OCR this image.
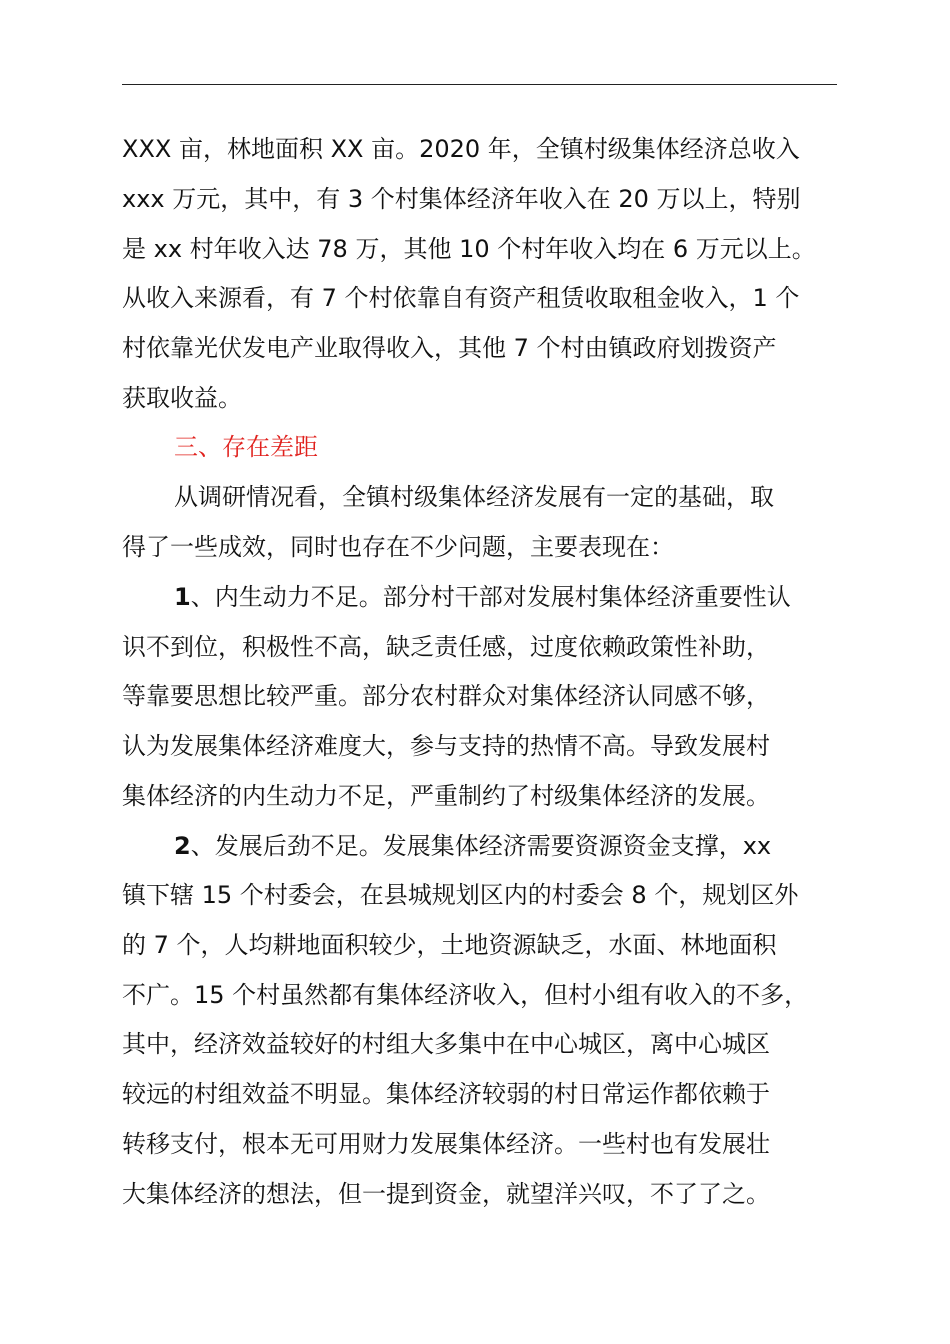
XXX 亩，林地面积 XX 亩。2020 年，全镇村级集体经济总收入
xxx 万元，其中，有 3 个村集体经济年收入在 20 万以上，特别
是 xx 村年收入达 78 万，其他 10 个村年收入均在 6 万元以上。
从收入来源看，有 7 个村依靠自有资产租赁收取租金收入，1 个
村依靠光伏发电产业取得收入，其他 7 个村由镇政府划拨资产
获取收益。
三、存在差距
从调研情况看，全镇村级集体经济发展有一定的基础，取
得了一些成效，同时也存在不少问题，主要表现在：
1、内生动力不足。部分村干部对发展村集体经济重要性认
识不到位，积极性不高，缺乏责任感，过度依赖政策性补助，
等靠要思想比较严重。部分农村群众对集体经济认同感不够，
认为发展集体经济难度大，参与支持的热情不高。导致发展村
集体经济的内生动力不足，严重制约了村级集体经济的发展。
2、发展后劲不足。发展集体经济需要资源资金支撑，xx
镇下辖 15 个村委会，在县城规划区内的村委会 8 个，规划区外
的 7 个，人均耕地面积较少，土地资源缺乏，水面、林地面积
不广。15 个村虽然都有集体经济收入，但村小组有收入的不多，
其中，经济效益较好的村组大多集中在中心城区，离中心城区
较远的村组效益不明显。集体经济较弱的村日常运作都依赖于
转移支付，根本无可用财力发展集体经济。一些村也有发展壮
大集体经济的想法，但一提到资金，就望洋兴叹，不了了之。
